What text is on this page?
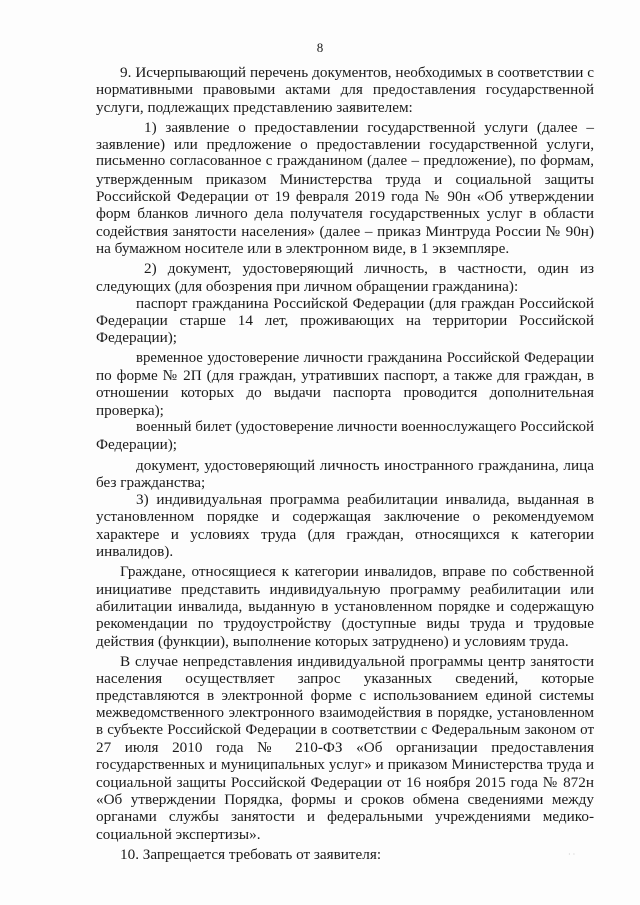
8
9. Исчерпывающий перечень документов, необходимых в соответствии с
нормативными правовыми актами для предоставления государственной
услуги, подлежащих представлению заявителем:
1) заявление о предоставлении государственной услуги (далее –
заявление) или предложение о предоставлении государственной услуги,
письменно согласованное с гражданином (далее – предложение), по формам,
утвержденным приказом Министерства труда и социальной защиты
Российской Федерации от 19 февраля 2019 года № 90н «Об утверждении
форм бланков личного дела получателя государственных услуг в области
содействия занятости населения» (далее – приказ Минтруда России № 90н)
на бумажном носителе или в электронном виде, в 1 экземпляре.
2) документ, удостоверяющий личность, в частности, один из
следующих (для обозрения при личном обращении гражданина):
паспорт гражданина Российской Федерации (для граждан Российской
Федерации старше 14 лет, проживающих на территории Российской
Федерации);
временное удостоверение личности гражданина Российской Федерации
по форме № 2П (для граждан, утративших паспорт, а также для граждан, в
отношении которых до выдачи паспорта проводится дополнительная
проверка);
военный билет (удостоверение личности военнослужащего Российской
Федерации);
документ, удостоверяющий личность иностранного гражданина, лица
без гражданства;
3) индивидуальная программа реабилитации инвалида, выданная в
установленном порядке и содержащая заключение о рекомендуемом
характере и условиях труда (для граждан, относящихся к категории
инвалидов).
Граждане, относящиеся к категории инвалидов, вправе по собственной
инициативе представить индивидуальную программу реабилитации или
абилитации инвалида, выданную в установленном порядке и содержащую
рекомендации по трудоустройству (доступные виды труда и трудовые
действия (функции), выполнение которых затруднено) и условиям труда.
В случае непредставления индивидуальной программы центр занятости
населения осуществляет запрос указанных сведений, которые
представляются в электронной форме с использованием единой системы
межведомственного электронного взаимодействия в порядке, установленном
в субъекте Российской Федерации в соответствии с Федеральным законом от
27 июля 2010 года № 210-ФЗ «Об организации предоставления
государственных и муниципальных услуг» и приказом Министерства труда и
социальной защиты Российской Федерации от 16 ноября 2015 года № 872н
«Об утверждении Порядка, формы и сроков обмена сведениями между
органами службы занятости и федеральными учреждениями медико-
социальной экспертизы».
10. Запрещается требовать от заявителя:	· ·
